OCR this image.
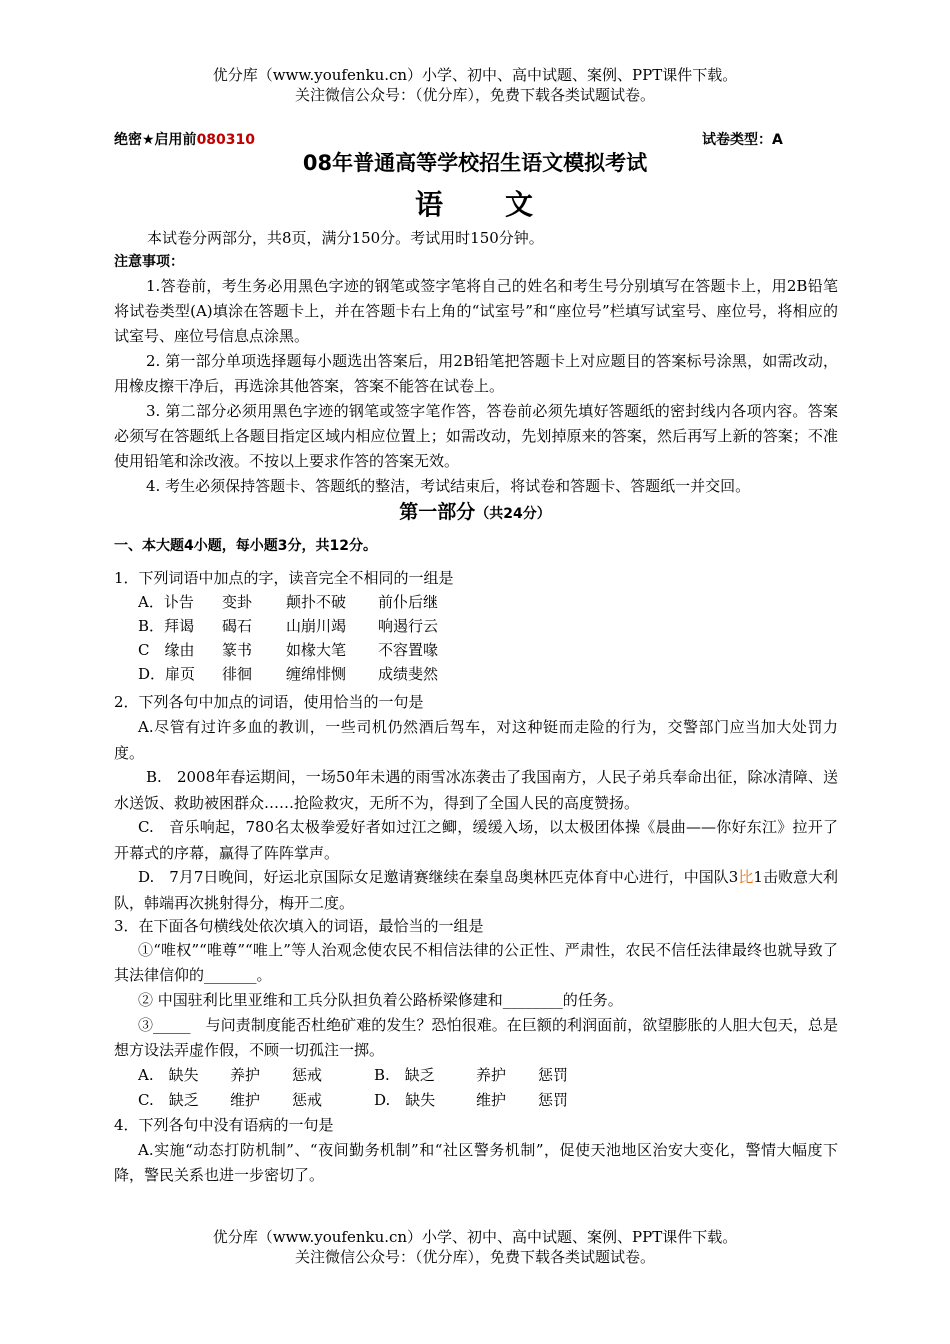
优分库（www.youfenku.cn）小学、初中、高中试题、案例、PPT课件下载。
关注微信公众号：（优分库），免费下载各类试题试卷。
绝密★启用前080310	试卷类型：A
08年普通高等学校招生语文模拟考试
语　　文
本试卷分两部分，共8页，满分150分。考试用时150分钟。
注意事项：
1.答卷前，考生务必用黑色字迹的钢笔或签字笔将自己的姓名和考生号分别填写在答题卡上，用2B铅笔将试卷类型(A)填涂在答题卡上，并在答题卡右上角的“试室号”和“座位号”栏填写试室号、座位号，将相应的试室号、座位号信息点涂黑。
2. 第一部分单项选择题每小题选出答案后，用2B铅笔把答题卡上对应题目的答案标号涂黑，如需改动，用橡皮擦干净后，再选涂其他答案，答案不能答在试卷上。
3. 第二部分必须用黑色字迹的钢笔或签字笔作答，答卷前必须先填好答题纸的密封线内各项内容。答案必须写在答题纸上各题目指定区域内相应位置上；如需改动，先划掉原来的答案，然后再写上新的答案；不准使用铅笔和涂改液。不按以上要求作答的答案无效。
4. 考生必须保持答题卡、答题纸的整洁，考试结束后，将试卷和答题卡、答题纸一并交回。
第一部分（共24分）
一、本大题4小题，每小题3分，共12分。
1．下列词语中加点的字，读音完全不相同的一组是
A．讣告 变卦 颠扑不破 前仆后继
B．拜谒 碣石 山崩川竭 响遏行云
C　缘由 篆书 如椽大笔 不容置喙
D．扉页 徘徊 缠绵悱恻 成绩斐然
2．下列各句中加点的词语，使用恰当的一句是
A.尽管有过许多血的教训，一些司机仍然酒后驾车，对这种铤而走险的行为，交警部门应当加大处罚力度。
B.　2008年春运期间，一场50年未遇的雨雪冰冻袭击了我国南方，人民子弟兵奉命出征，除冰清障、送水送饭、救助被困群众……抢险救灾，无所不为，得到了全国人民的高度赞扬。
C.　音乐响起，780名太极拳爱好者如过江之鲫，缓缓入场，以太极团体操《晨曲——你好东江》拉开了开幕式的序幕，赢得了阵阵掌声。
D.　7月7日晚间，好运北京国际女足邀请赛继续在秦皇岛奥林匹克体育中心进行，中国队3比1击败意大利队，韩端再次挑射得分，梅开二度。
3．在下面各句横线处依次填入的词语，最恰当的一组是
①“唯权”“唯尊”“唯上”等人治观念使农民不相信法律的公正性、严肃性，农民不信任法律最终也就导致了其法律信仰的_______。
② 中国驻利比里亚维和工兵分队担负着公路桥梁修建和________的任务。
③_____　与问责制度能否杜绝矿难的发生？恐怕很难。在巨额的利润面前，欲望膨胀的人胆大包天，总是想方设法弄虚作假，不顾一切孤注一掷。
A.　缺失 养护 惩戒	B.　缺乏	养护 惩罚
C.　缺乏 维护 惩戒	D.　缺失	维护 惩罚
4．下列各句中没有语病的一句是
A.实施“动态打防机制”、“夜间勤务机制”和“社区警务机制”，促使天池地区治安大变化，警情大幅度下降，警民关系也进一步密切了。
优分库（www.youfenku.cn）小学、初中、高中试题、案例、PPT课件下载。
关注微信公众号：（优分库），免费下载各类试题试卷。
